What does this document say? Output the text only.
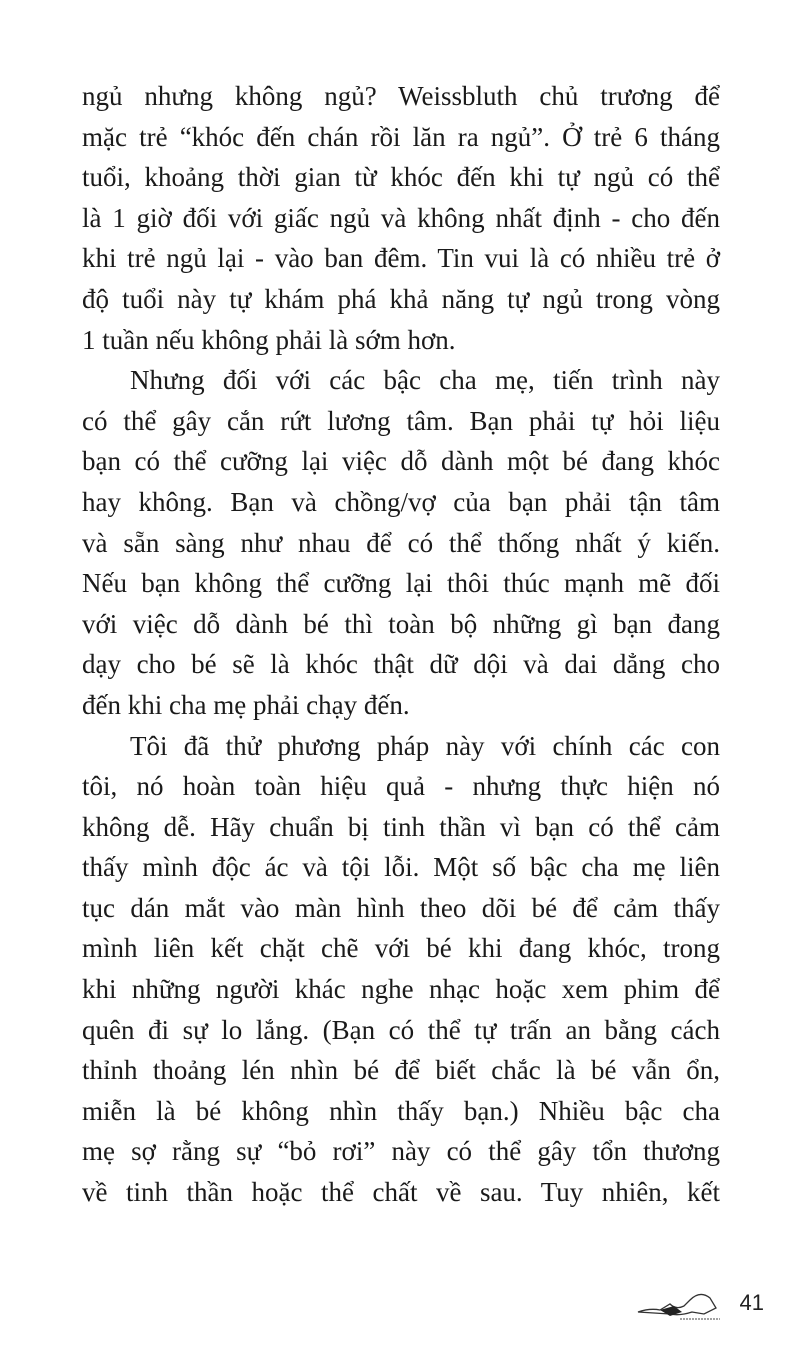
ngủ nhưng không ngủ? Weissbluth chủ trương để
mặc trẻ “khóc đến chán rồi lăn ra ngủ”. Ở trẻ 6 tháng
tuổi, khoảng thời gian từ khóc đến khi tự ngủ có thể
là 1 giờ đối với giấc ngủ và không nhất định - cho đến
khi trẻ ngủ lại - vào ban đêm. Tin vui là có nhiều trẻ ở
độ tuổi này tự khám phá khả năng tự ngủ trong vòng
1 tuần nếu không phải là sớm hơn.
Nhưng đối với các bậc cha mẹ, tiến trình này
có thể gây cắn rứt lương tâm. Bạn phải tự hỏi liệu
bạn có thể cưỡng lại việc dỗ dành một bé đang khóc
hay không. Bạn và chồng/vợ của bạn phải tận tâm
và sẵn sàng như nhau để có thể thống nhất ý kiến.
Nếu bạn không thể cưỡng lại thôi thúc mạnh mẽ đối
với việc dỗ dành bé thì toàn bộ những gì bạn đang
dạy cho bé sẽ là khóc thật dữ dội và dai dẳng cho
đến khi cha mẹ phải chạy đến.
Tôi đã thử phương pháp này với chính các con
tôi, nó hoàn toàn hiệu quả - nhưng thực hiện nó
không dễ. Hãy chuẩn bị tinh thần vì bạn có thể cảm
thấy mình độc ác và tội lỗi. Một số bậc cha mẹ liên
tục dán mắt vào màn hình theo dõi bé để cảm thấy
mình liên kết chặt chẽ với bé khi đang khóc, trong
khi những người khác nghe nhạc hoặc xem phim để
quên đi sự lo lắng. (Bạn có thể tự trấn an bằng cách
thỉnh thoảng lén nhìn bé để biết chắc là bé vẫn ổn,
miễn là bé không nhìn thấy bạn.) Nhiều bậc cha
mẹ sợ rằng sự “bỏ rơi” này có thể gây tổn thương
về tinh thần hoặc thể chất về sau. Tuy nhiên, kết
41
